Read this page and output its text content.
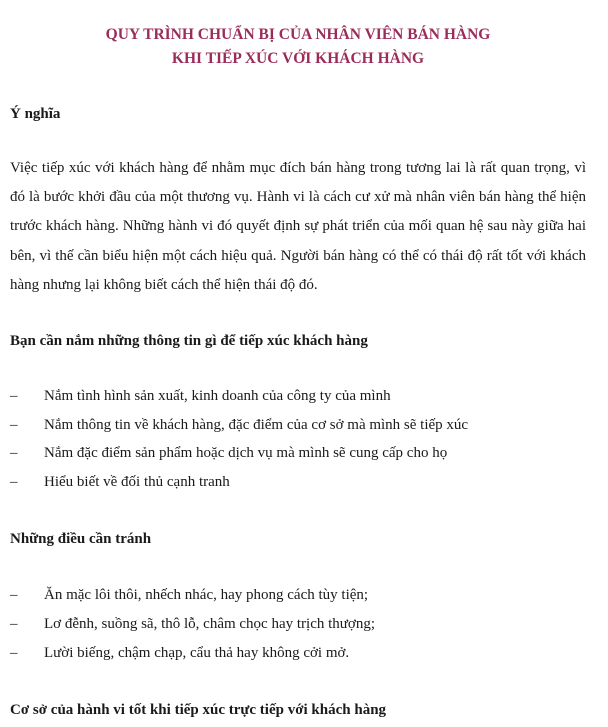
QUY TRÌNH CHUẨN BỊ CỦA NHÂN VIÊN BÁN HÀNG
KHI TIẾP XÚC VỚI KHÁCH HÀNG
Ý nghĩa

Việc tiếp xúc với khách hàng để nhằm mục đích bán hàng trong tương lai là rất quan trọng, vì đó là bước khởi đầu của một thương vụ. Hành vi là cách cư xử mà nhân viên bán hàng thể hiện trước khách hàng. Những hành vi đó quyết định sự phát triển của mối quan hệ sau này giữa hai bên, vì thế cần biểu hiện một cách hiệu quả. Người bán hàng có thể có thái độ rất tốt với khách hàng nhưng lại không biết cách thể hiện thái độ đó.

Bạn cần nắm những thông tin gì để tiếp xúc khách hàng
–	Nắm tình hình sản xuất, kinh doanh của công ty của mình
–	Nắm thông tin về khách hàng, đặc điểm của cơ sở mà mình sẽ tiếp xúc
–	Nắm đặc điểm sản phẩm hoặc dịch vụ mà mình sẽ cung cấp cho họ
–	Hiểu biết về đối thủ cạnh tranh
Những điều cần tránh
–	Ăn mặc lôi thôi, nhếch nhác, hay phong cách tùy tiện;
–	Lơ đễnh, suồng sã, thô lỗ, châm chọc hay trịch thượng;
–	Lười biếng, chậm chạp, cẩu thả hay không cởi mở.
Cơ sở của hành vi tốt khi tiếp xúc trực tiếp với khách hàng
